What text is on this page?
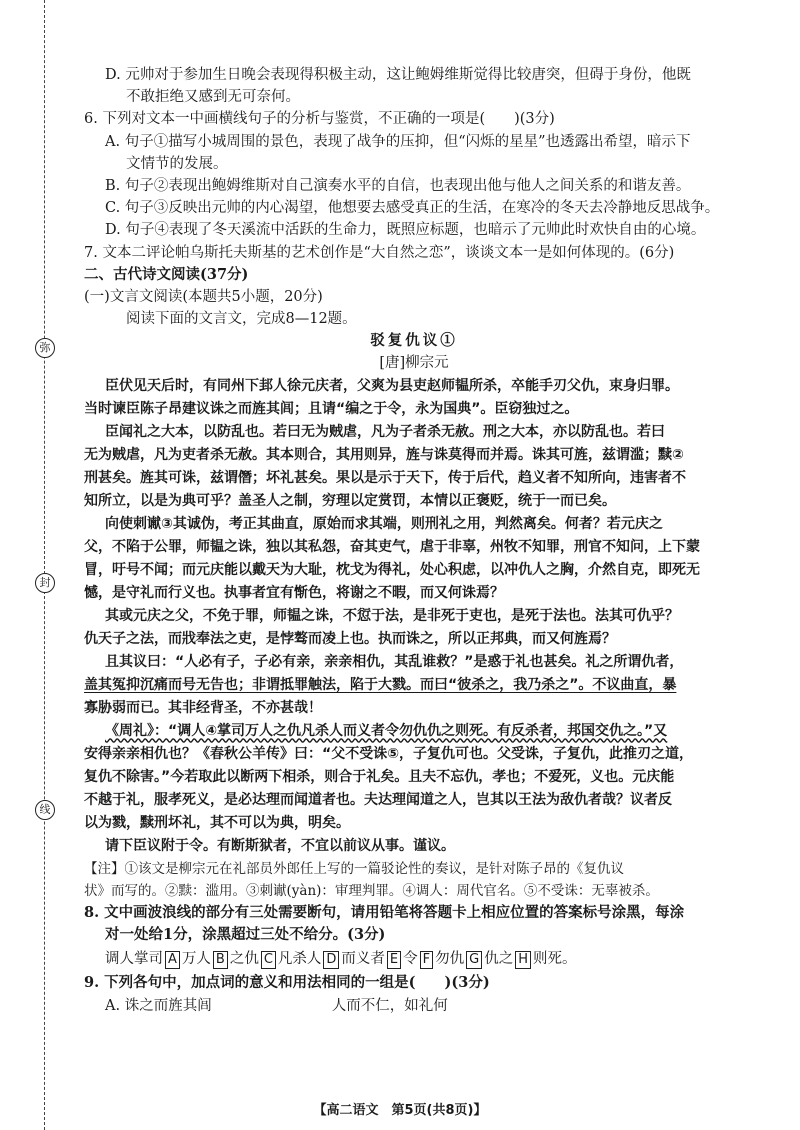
弥
封
线

D. 元帅对于参加生日晚会表现得积极主动，这让鲍姆维斯觉得比较唐突，但碍于身份，他既

不敢拒绝又感到无可奈何。

6. 下列对文本一中画横线句子的分析与鉴赏，不正确的一项是(　　)(3分)

A. 句子①描写小城周围的景色，表现了战争的压抑，但“闪烁的星星”也透露出希望，暗示下

文情节的发展。

B. 句子②表现出鲍姆维斯对自己演奏水平的自信，也表现出他与他人之间关系的和谐友善。

C. 句子③反映出元帅的内心渴望，他想要去感受真正的生活，在寒冷的冬天去冷静地反思战争。

D. 句子④表现了冬天溪流中活跃的生命力，既照应标题，也暗示了元帅此时欢快自由的心境。

7. 文本二评论帕乌斯托夫斯基的艺术创作是“大自然之恋”，谈谈文本一是如何体现的。(6分)

二、古代诗文阅读(37分)

(一)文言文阅读(本题共5小题，20分)

阅读下面的文言文，完成8—12题。

驳复仇议①

[唐]柳宗元

臣伏见天后时，有同州下邽人徐元庆者，父爽为县吏赵师韫所杀，卒能手刃父仇，束身归罪。

当时谏臣陈子昂建议诛之而旌其闾；且请“编之于令，永为国典”。臣窃独过之。

臣闻礼之大本，以防乱也。若曰无为贼虐，凡为子者杀无赦。刑之大本，亦以防乱也。若曰

无为贼虐，凡为吏者杀无赦。其本则合，其用则异，旌与诛莫得而并焉。诛其可旌，兹谓滥；黩②

刑甚矣。旌其可诛，兹谓僭；坏礼甚矣。果以是示于天下，传于后代，趋义者不知所向，违害者不

知所立，以是为典可乎？盖圣人之制，穷理以定赏罚，本情以正褒贬，统于一而已矣。

向使刺谳③其诚伪，考正其曲直，原始而求其端，则刑礼之用，判然离矣。何者？若元庆之

父，不陷于公罪，师韫之诛，独以其私怨，奋其吏气，虐于非辜，州牧不知罪，刑官不知问，上下蒙

冒，吁号不闻；而元庆能以戴天为大耻，枕戈为得礼，处心积虑，以冲仇人之胸，介然自克，即死无

憾，是守礼而行义也。执事者宜有惭色，将谢之不暇，而又何诛焉？

其或元庆之父，不免于罪，师韫之诛，不愆于法，是非死于吏也，是死于法也。法其可仇乎？

仇天子之法，而戕奉法之吏，是悖骜而凌上也。执而诛之，所以正邦典，而又何旌焉？

且其议曰：“人必有子，子必有亲，亲亲相仇，其乱谁救？”是惑于礼也甚矣。礼之所谓仇者，

盖其冤抑沉痛而号无告也；非谓抵罪触法，陷于大戮。而曰“彼杀之，我乃杀之”。不议曲直，暴

寡胁弱而已。其非经背圣，不亦甚哉！

《周礼》：“调人④掌司万人之仇凡杀人而义者令勿仇仇之则死。有反杀者，邦国交仇之。”又

安得亲亲相仇也？《春秋公羊传》曰：“父不受诛⑤，子复仇可也。父受诛，子复仇，此推刃之道，

复仇不除害。”今若取此以断两下相杀，则合于礼矣。且夫不忘仇，孝也；不爱死，义也。元庆能

不越于礼，服孝死义，是必达理而闻道者也。夫达理闻道之人，岂其以王法为敌仇者哉？议者反

以为戮，黩刑坏礼，其不可以为典，明矣。

请下臣议附于令。有断斯狱者，不宜以前议从事。谨议。

【注】①该文是柳宗元在礼部员外郎任上写的一篇驳论性的奏议，是针对陈子昂的《复仇议

状》而写的。②黩：滥用。③刺谳(yàn)：审理判罪。④调人：周代官名。⑤不受诛：无辜被杀。

8. 文中画波浪线的部分有三处需要断句，请用铅笔将答题卡上相应位置的答案标号涂黑，每涂

对一处给1分，涂黑超过三处不给分。(3分)

调人掌司 A 万人 B 之仇 C 凡杀人 D 而义者 E 令 F 勿仇 G 仇之 H 则死。

9. 下列各句中，加点词的意义和用法相同的一组是(　　)(3分)

A. 诛之而旌其闾	人而不仁，如礼何

【高二语文　第5页(共8页)】
